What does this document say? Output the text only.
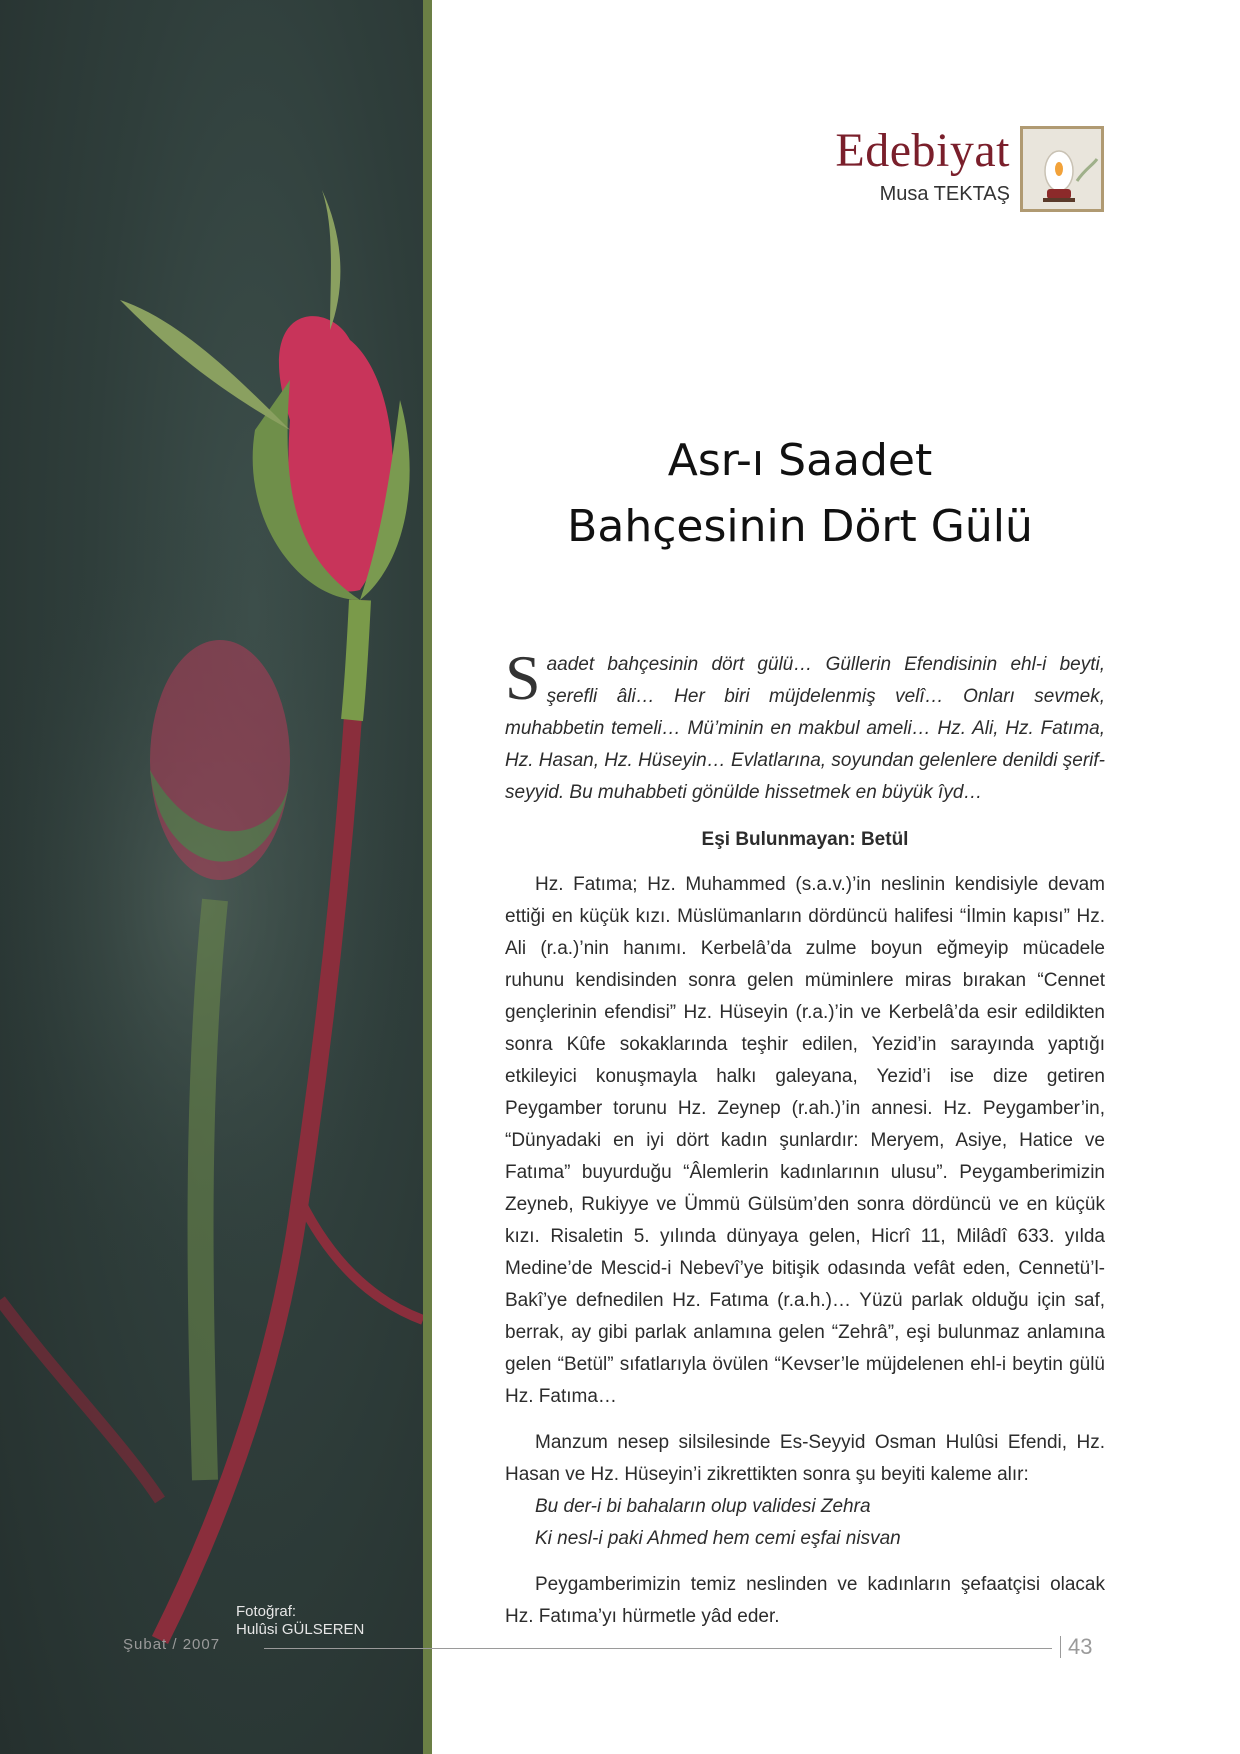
Fotoğraf:
Hulûsi GÜLSEREN
Edebiyat
Musa TEKTAŞ
Asr-ı Saadet
Bahçesinin Dört Gülü

Saadet bahçesinin dört gülü… Güllerin Efendisinin ehl-i beyti, şerefli âli… Her biri müjdelenmiş velî… Onları sevmek, muhabbetin temeli… Mü’minin en makbul ameli… Hz. Ali, Hz. Fatıma, Hz. Hasan, Hz. Hüseyin… Evlatlarına, soyundan gelenlere denildi şerif-seyyid. Bu muhabbeti gönülde hissetmek en büyük îyd…

Eşi Bulunmayan: Betül

Hz. Fatıma; Hz. Muhammed (s.a.v.)’in neslinin kendisiyle devam ettiği en küçük kızı. Müslümanların dördüncü halifesi “İlmin kapısı” Hz. Ali (r.a.)’nin hanımı. Kerbelâ’da zulme boyun eğmeyip mücadele ruhunu kendisinden sonra gelen müminlere miras bırakan “Cennet gençlerinin efendisi” Hz. Hüseyin (r.a.)’in ve Kerbelâ’da esir edildikten sonra Kûfe sokaklarında teşhir edilen, Yezid’in sarayında yaptığı etkileyici konuşmayla halkı galeyana, Yezid’i ise dize getiren Peygamber torunu Hz. Zeynep (r.ah.)’in annesi. Hz. Peygamber’in, “Dünyadaki en iyi dört kadın şunlardır: Meryem, Asiye, Hatice ve Fatıma” buyurduğu “Âlemlerin kadınlarının ulusu”. Peygamberimizin Zeyneb, Rukiyye ve Ümmü Gülsüm’den sonra dördüncü ve en küçük kızı. Risaletin 5. yılında dünyaya gelen, Hicrî 11, Milâdî 633. yılda Medine’de Mescid-i Nebevî’ye bitişik odasında vefât eden, Cennetü’l-Bakî’ye defnedilen Hz. Fatıma (r.a.h.)… Yüzü parlak olduğu için saf, berrak, ay gibi parlak anlamına gelen “Zehrâ”, eşi bulunmaz anlamına gelen “Betül” sıfatlarıyla övülen “Kevser’le müjdelenen ehl-i beytin gülü Hz. Fatıma…

Manzum nesep silsilesinde Es-Seyyid Osman Hulûsi Efendi, Hz. Hasan ve Hz. Hüseyin’i zikrettikten sonra şu beyiti kaleme alır:

Bu der-i bi bahaların olup validesi Zehra

Ki nesl-i paki Ahmed hem cemi eşfai nisvan

Peygamberimizin temiz neslinden ve kadınların şefaatçisi olacak Hz. Fatıma’yı hürmetle yâd eder.

Şubat / 2007	43
